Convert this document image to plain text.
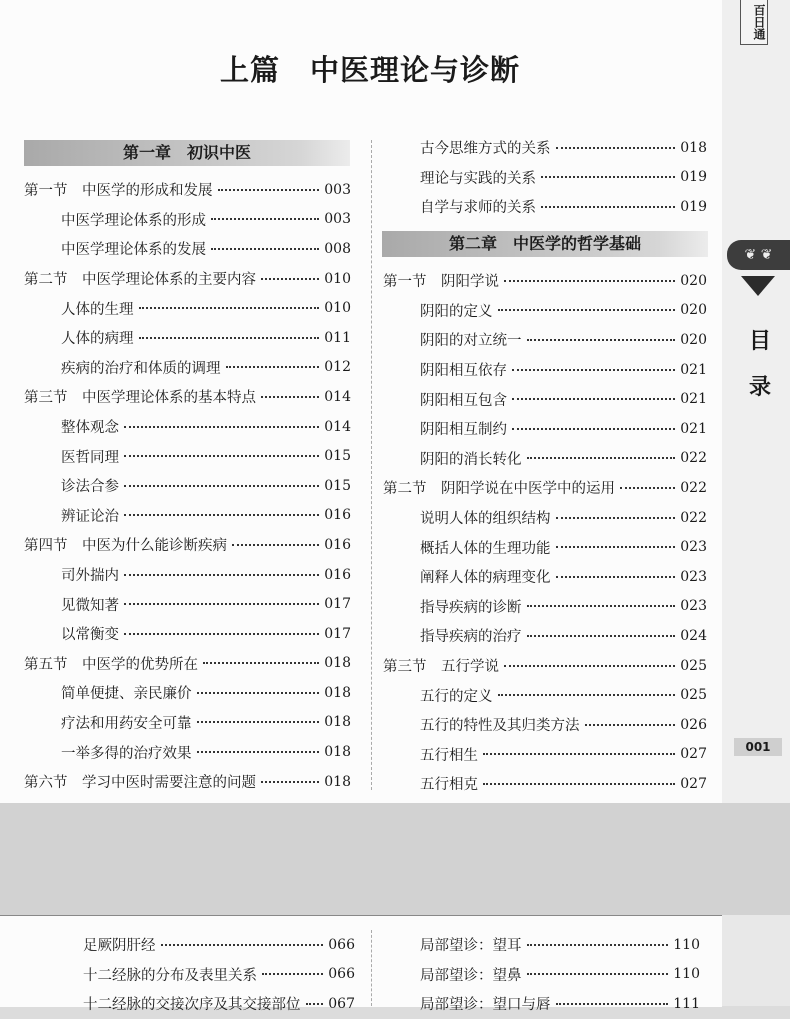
百日通
❦ ❦
目 录
001
上篇　中医理论与诊断
第一章　初识中医
第一节　中医学的形成和发展	003
中医学理论体系的形成	003
中医学理论体系的发展	008
第二节　中医学理论体系的主要内容	010
人体的生理	010
人体的病理	011
疾病的治疗和体质的调理	012
第三节　中医学理论体系的基本特点	014
整体观念	014
医哲同理	015
诊法合参	015
辨证论治	016
第四节　中医为什么能诊断疾病	016
司外揣内	016
见微知著	017
以常衡变	017
第五节　中医学的优势所在	018
简单便捷、亲民廉价	018
疗法和用药安全可靠	018
一举多得的治疗效果	018
第六节　学习中医时需要注意的问题	018
古今思维方式的关系	018
理论与实践的关系	019
自学与求师的关系	019
第二章　中医学的哲学基础
第一节　阴阳学说	020
阴阳的定义	020
阴阳的对立统一	020
阴阳相互依存	021
阴阳相互包含	021
阴阳相互制约	021
阴阳的消长转化	022
第二节　阴阳学说在中医学中的运用	022
说明人体的组织结构	022
概括人体的生理功能	023
阐释人体的病理变化	023
指导疾病的诊断	023
指导疾病的治疗	024
第三节　五行学说	025
五行的定义	025
五行的特性及其归类方法	026
五行相生	027
五行相克	027
足厥阴肝经	066
十二经脉的分布及表里关系	066
十二经脉的交接次序及其交接部位 067
局部望诊：望耳	110
局部望诊：望鼻	110
局部望诊：望口与唇	111
